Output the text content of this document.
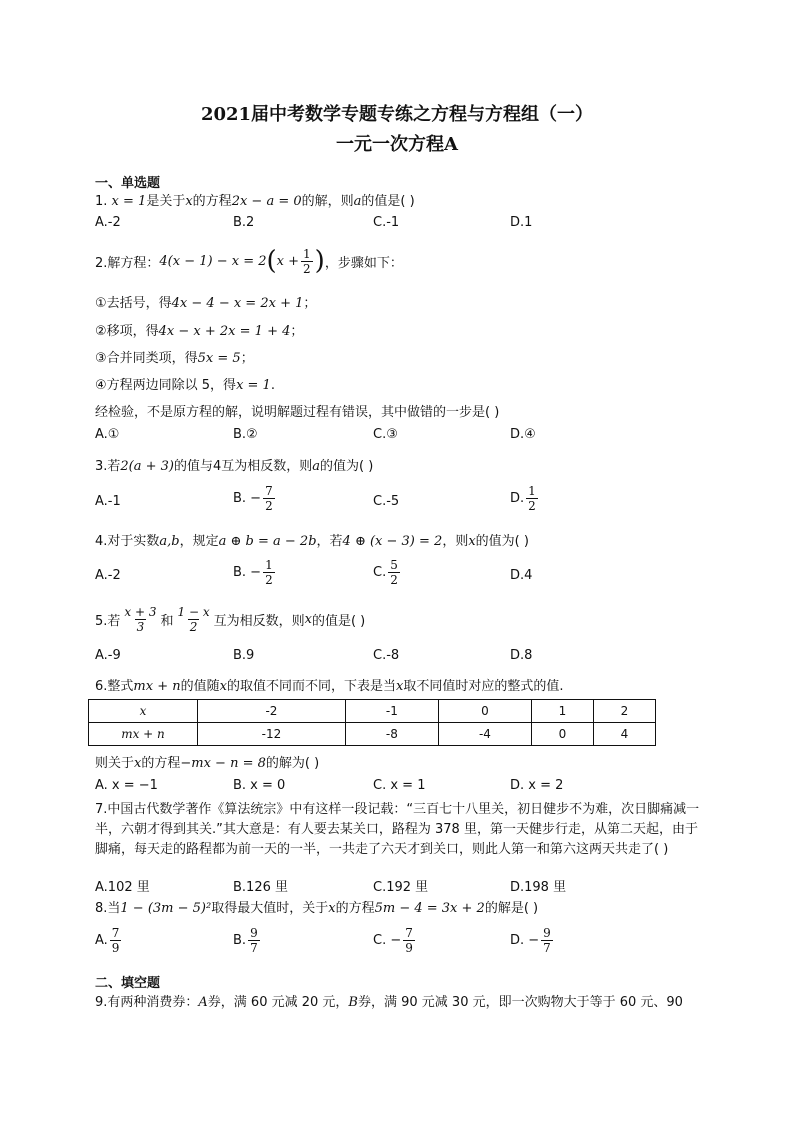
2021届中考数学专题专练之方程与方程组（一）
一元一次方程A
一、单选题
1. x = 1是关于x的方程2x − a = 0的解，则a的值是( )
A.-2	B.2	C.-1	D.1
2.解方程： 4(x − 1) − x = 2 ( $x + \frac{1}{2}$ ) ，步骤如下：
①去括号，得4x − 4 − x = 2x + 1；
②移项，得4x − x + 2x = 1 + 4；
③合并同类项，得5x = 5；
④方程两边同除以 5，得x = 1.
经检验，不是原方程的解，说明解题过程有错误，其中做错的一步是( )
A.①	B.②	C.③	D.④
3.若2(a + 3)的值与4互为相反数，则a的值为( )
A.-1	B. − $\frac{7}{2}$	C.-5	D. $\frac{1}{2}$
4.对于实数a,b，规定a ⊕ b = a − 2b，若4 ⊕ (x − 3) = 2，则x的值为( )
A.-2	B. − $\frac{1}{2}$	C. $\frac{5}{2}$	D.4
5.若 $\frac{x + 3}{3}$ 和 $\frac{1 - x}{2}$ 互为相反数，则 x 的值是( )
A.-9	B.9	C.-8	D.8
6.整式mx + n的值随x的取值不同而不同，下表是当x取不同值时对应的整式的值.
x	-2	-1	0	1	2
mx + n	-12	-8	-4	0	4
则关于x的方程−mx − n = 8的解为( )
A. x = −1	B. x = 0	C. x = 1	D. x = 2
7.中国古代数学著作《算法统宗》中有这样一段记载：“三百七十八里关，初日健步不为难，次日脚痛减一半，六朝才得到其关.”其大意是：有人要去某关口，路程为 378 里，第一天健步行走，从第二天起，由于脚痛，每天走的路程都为前一天的一半，一共走了六天才到关口，则此人第一和第六这两天共走了( )
A.102 里	B.126 里	C.192 里	D.198 里
8.当1 − (3m − 5)²取得最大值时，关于x的方程5m − 4 = 3x + 2的解是( )
A. $\frac{7}{9}$	B. $\frac{9}{7}$	C. − $\frac{7}{9}$	D. − $\frac{9}{7}$
二、填空题
9.有两种消费券：A券，满 60 元减 20 元，B券，满 90 元减 30 元，即一次购物大于等于 60 元、90
